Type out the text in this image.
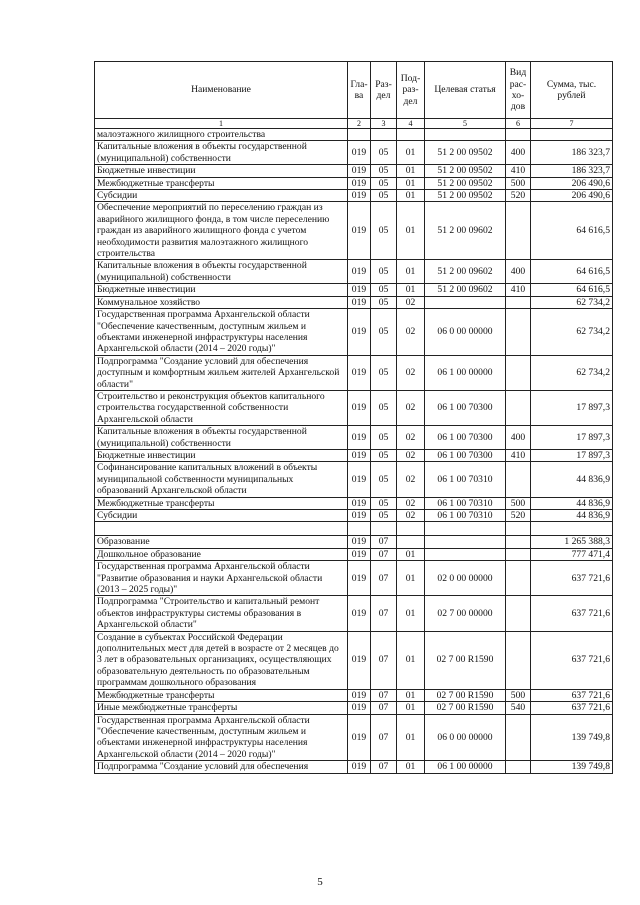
Наименование	Гла-ва	Раз-дел	Под-раз-дел	Целевая статья	Вид рас-хо-дов	Сумма, тыс. рублей
1	2	3	4	5	6	7
малоэтажного жилищного строительства						
Капитальные вложения в объекты государственной (муниципальной) собственности	019	05	01	51 2 00 09502	400	186 323,7
Бюджетные инвестиции	019	05	01	51 2 00 09502	410	186 323,7
Межбюджетные трансферты	019	05	01	51 2 00 09502	500	206 490,6
Субсидии	019	05	01	51 2 00 09502	520	206 490,6
Обеспечение мероприятий по переселению граждан из аварийного жилищного фонда, в том числе переселению граждан из аварийного жилищного фонда с учетом необходимости развития малоэтажного жилищного строительства	019	05	01	51 2 00 09602		64 616,5
Капитальные вложения в объекты государственной (муниципальной) собственности	019	05	01	51 2 00 09602	400	64 616,5
Бюджетные инвестиции	019	05	01	51 2 00 09602	410	64 616,5
Коммунальное хозяйство	019	05	02			62 734,2
Государственная программа Архангельской области "Обеспечение качественным, доступным жильем и объектами инженерной инфраструктуры населения Архангельской области (2014 – 2020 годы)"	019	05	02	06 0 00 00000		62 734,2
Подпрограмма "Создание условий для обеспечения доступным и комфортным жильем жителей Архангельской области"	019	05	02	06 1 00 00000		62 734,2
Строительство и реконструкция объектов капитального строительства государственной собственности Архангельской области	019	05	02	06 1 00 70300		17 897,3
Капитальные вложения в объекты государственной (муниципальной) собственности	019	05	02	06 1 00 70300	400	17 897,3
Бюджетные инвестиции	019	05	02	06 1 00 70300	410	17 897,3
Софинансирование капитальных вложений в объекты муниципальной собственности муниципальных образований Архангельской области	019	05	02	06 1 00 70310		44 836,9
Межбюджетные трансферты	019	05	02	06 1 00 70310	500	44 836,9
Субсидии	019	05	02	06 1 00 70310	520	44 836,9

Образование	019	07				1 265 388,3
Дошкольное образование	019	07	01			777 471,4
Государственная программа Архангельской области "Развитие образования и науки Архангельской области (2013 – 2025 годы)"	019	07	01	02 0 00 00000		637 721,6
Подпрограмма "Строительство и капитальный ремонт объектов инфраструктуры системы образования в Архангельской области"	019	07	01	02 7 00 00000		637 721,6
Создание в субъектах Российской Федерации дополнительных мест для детей в возрасте от 2 месяцев до 3 лет в образовательных организациях, осуществляющих образовательную деятельность по образовательным программам дошкольного образования	019	07	01	02 7 00 R1590		637 721,6
Межбюджетные трансферты	019	07	01	02 7 00 R1590	500	637 721,6
Иные межбюджетные трансферты	019	07	01	02 7 00 R1590	540	637 721,6
Государственная программа Архангельской области "Обеспечение качественным, доступным жильем и объектами инженерной инфраструктуры населения Архангельской области (2014 – 2020 годы)"	019	07	01	06 0 00 00000		139 749,8
Подпрограмма "Создание условий для обеспечения	019	07	01	06 1 00 00000		139 749,8
5
